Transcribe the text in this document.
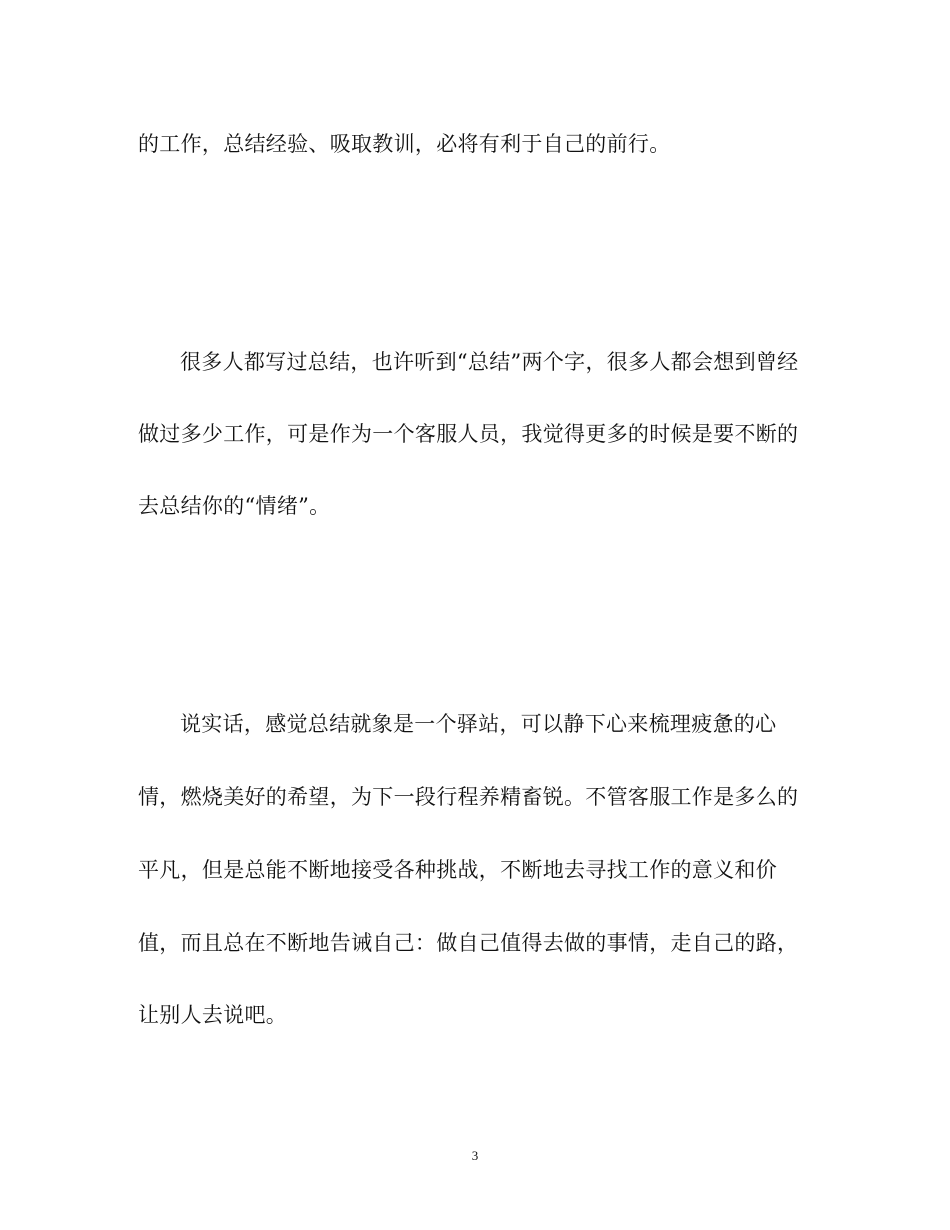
的工作，总结经验、吸取教训，必将有利于自己的前行。
很多人都写过总结，也许听到“总结”两个字，很多人都会想到曾经
做过多少工作，可是作为一个客服人员，我觉得更多的时候是要不断的
去总结你的“情绪”。
说实话，感觉总结就象是一个驿站，可以静下心来梳理疲惫的心
情，燃烧美好的希望，为下一段行程养精畜锐。不管客服工作是多么的
平凡，但是总能不断地接受各种挑战，不断地去寻找工作的意义和价
值，而且总在不断地告诫自己：做自己值得去做的事情，走自己的路，
让别人去说吧。
3
